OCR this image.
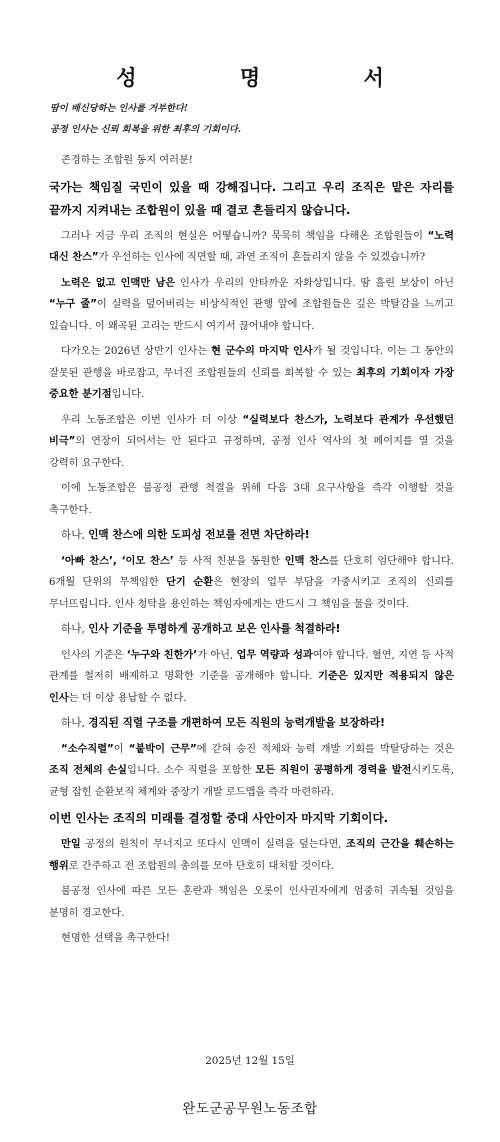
성 명 서
땀이 배신당하는 인사를 거부한다!
공정 인사는 신뢰 회복을 위한 최후의 기회이다.

존경하는 조합원 동지 여러분!

국가는 책임질 국민이 있을 때 강해집니다. 그리고 우리 조직은 맡은 자리를 끝까지 지켜내는 조합원이 있을 때 결코 흔들리지 않습니다.

그러나 지금 우리 조직의 현실은 어떻습니까? 묵묵히 책임을 다해온 조합원들이 “노력 대신 찬스”가 우선하는 인사에 직면할 때, 과연 조직이 흔들리지 않을 수 있겠습니까?

노력은 없고 인맥만 남은 인사가 우리의 안타까운 자화상입니다. 땀 흘린 보상이 아닌 “누구 줄”이 실력을 덮어버리는 비상식적인 관행 앞에 조합원들은 깊은 박탈감을 느끼고 있습니다. 이 왜곡된 고리는 반드시 여기서 끊어내야 합니다.

다가오는 2026년 상반기 인사는 현 군수의 마지막 인사가 될 것입니다. 이는 그 동안의 잘못된 관행을 바로잡고, 무너진 조합원들의 신뢰를 회복할 수 있는 최후의 기회이자 가장 중요한 분기점입니다.

우리 노동조합은 이번 인사가 더 이상 “실력보다 찬스가, 노력보다 관계가 우선했던 비극”의 연장이 되어서는 안 된다고 규정하며, 공정 인사 역사의 첫 페이지를 열 것을 강력히 요구한다.

이에 노동조합은 불공정 관행 척결을 위해 다음 3대 요구사항을 즉각 이행할 것을 촉구한다.

하나, 인맥 찬스에 의한 도피성 전보를 전면 차단하라!

‘아빠 찬스’, ‘이모 찬스’ 등 사적 친분을 동원한 인맥 찬스를 단호히 엄단해야 합니다. 6개월 단위의 무책임한 단기 순환은 현장의 업무 부담을 가중시키고 조직의 신뢰를 무너뜨립니다. 인사 청탁을 용인하는 책임자에게는 반드시 그 책임을 물을 것이다.

하나, 인사 기준을 투명하게 공개하고 보은 인사를 척결하라!

인사의 기준은 ‘누구와 친한가’가 아닌, 업무 역량과 성과여야 합니다. 혈연, 지연 등 사적 관계를 철저히 배제하고 명확한 기준을 공개해야 합니다. 기준은 있지만 적용되지 않은 인사는 더 이상 용납할 수 없다.

하나, 경직된 직렬 구조를 개편하여 모든 직원의 능력개발을 보장하라!

“소수직렬”이 “붙박이 근무”에 갇혀 승진 적체와 능력 개발 기회를 박탈당하는 것은 조직 전체의 손실입니다. 소수 직렬을 포함한 모든 직원이 공평하게 경력을 발전시키도록, 균형 잡힌 순환보직 체계와 중장기 개발 로드맵을 즉각 마련하라.

이번 인사는 조직의 미래를 결정할 중대 사안이자 마지막 기회이다.

만일 공정의 원칙이 무너지고 또다시 인맥이 실력을 덮는다면, 조직의 근간을 훼손하는 행위로 간주하고 전 조합원의 총의를 모아 단호히 대처할 것이다.

불공정 인사에 따른 모든 혼란과 책임은 오롯이 인사권자에게 엄중히 귀속될 것임을 분명히 경고한다.

현명한 선택을 촉구한다!

2025년 12월 15일
완도군공무원노동조합
